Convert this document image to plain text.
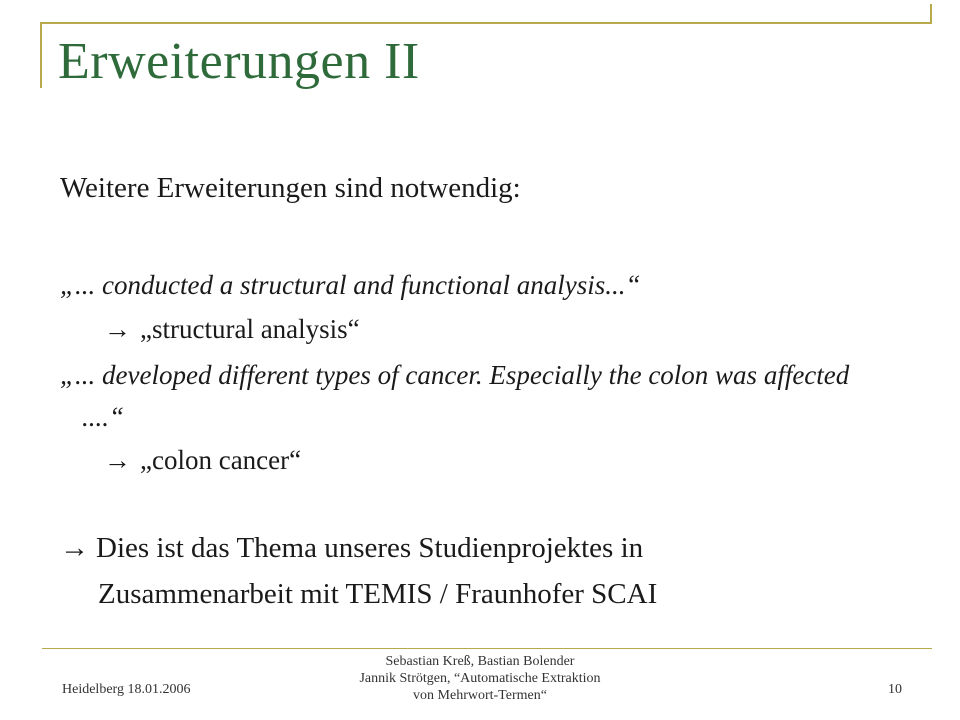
Erweiterungen II
Weitere Erweiterungen sind notwendig:
„... conducted a structural and functional analysis...“
→ „structural analysis“
„... developed different types of cancer. Especially the colon was affected
....“
→ „colon cancer“
→ Dies ist das Thema unseres Studienprojektes in
Zusammenarbeit mit TEMIS / Fraunhofer SCAI
Heidelberg 18.01.2006
Sebastian Kreß, Bastian Bolender
Jannik Strötgen, “Automatische Extraktion
von Mehrwort-Termen“	10
